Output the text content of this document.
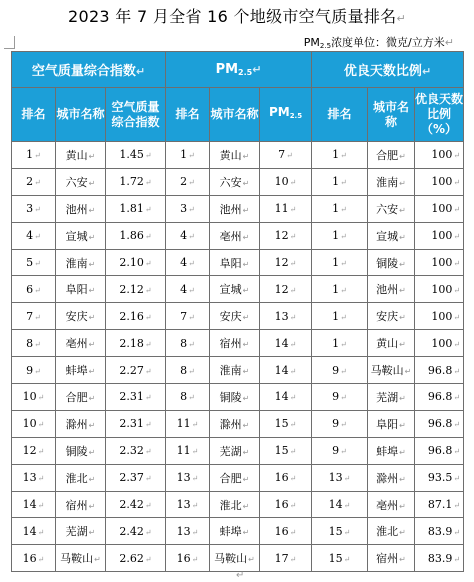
2023 年 7 月全省 16 个地级市空气质量排名↵
$PM_{2.5}$浓度单位：微克/立方米↵
空气质量综合指数↵			$PM_{2.5}↵$			优良天数比例↵		
排名	城市名称	空气质量综合指数	排名	城市名称	$PM_{2.5}$	排名	城市名称	优良天数比例（%）
1↵	黄山↵	1.45↵	1↵	黄山↵	7↵	1↵	合肥↵	100↵
2↵	六安↵	1.72↵	2↵	六安↵	10↵	1↵	淮南↵	100↵
3↵	池州↵	1.81↵	3↵	池州↵	11↵	1↵	六安↵	100↵
4↵	宣城↵	1.86↵	4↵	亳州↵	12↵	1↵	宣城↵	100↵
5↵	淮南↵	2.10↵	4↵	阜阳↵	12↵	1↵	铜陵↵	100↵
6↵	阜阳↵	2.12↵	4↵	宣城↵	12↵	1↵	池州↵	100↵
7↵	安庆↵	2.16↵	7↵	安庆↵	13↵	1↵	安庆↵	100↵
8↵	亳州↵	2.18↵	8↵	宿州↵	14↵	1↵	黄山↵	100↵
9↵	蚌埠↵	2.27↵	8↵	淮南↵	14↵	9↵	马鞍山↵	96.8↵
10↵	合肥↵	2.31↵	8↵	铜陵↵	14↵	9↵	芜湖↵	96.8↵
10↵	滁州↵	2.31↵	11↵	滁州↵	15↵	9↵	阜阳↵	96.8↵
12↵	铜陵↵	2.32↵	11↵	芜湖↵	15↵	9↵	蚌埠↵	96.8↵
13↵	淮北↵	2.37↵	13↵	合肥↵	16↵	13↵	滁州↵	93.5↵
14↵	宿州↵	2.42↵	13↵	淮北↵	16↵	14↵	亳州↵	87.1↵
14↵	芜湖↵	2.42↵	13↵	蚌埠↵	16↵	15↵	淮北↵	83.9↵
16↵	马鞍山↵	2.62↵	16↵	马鞍山↵	17↵	15↵	宿州↵	83.9↵
↵
